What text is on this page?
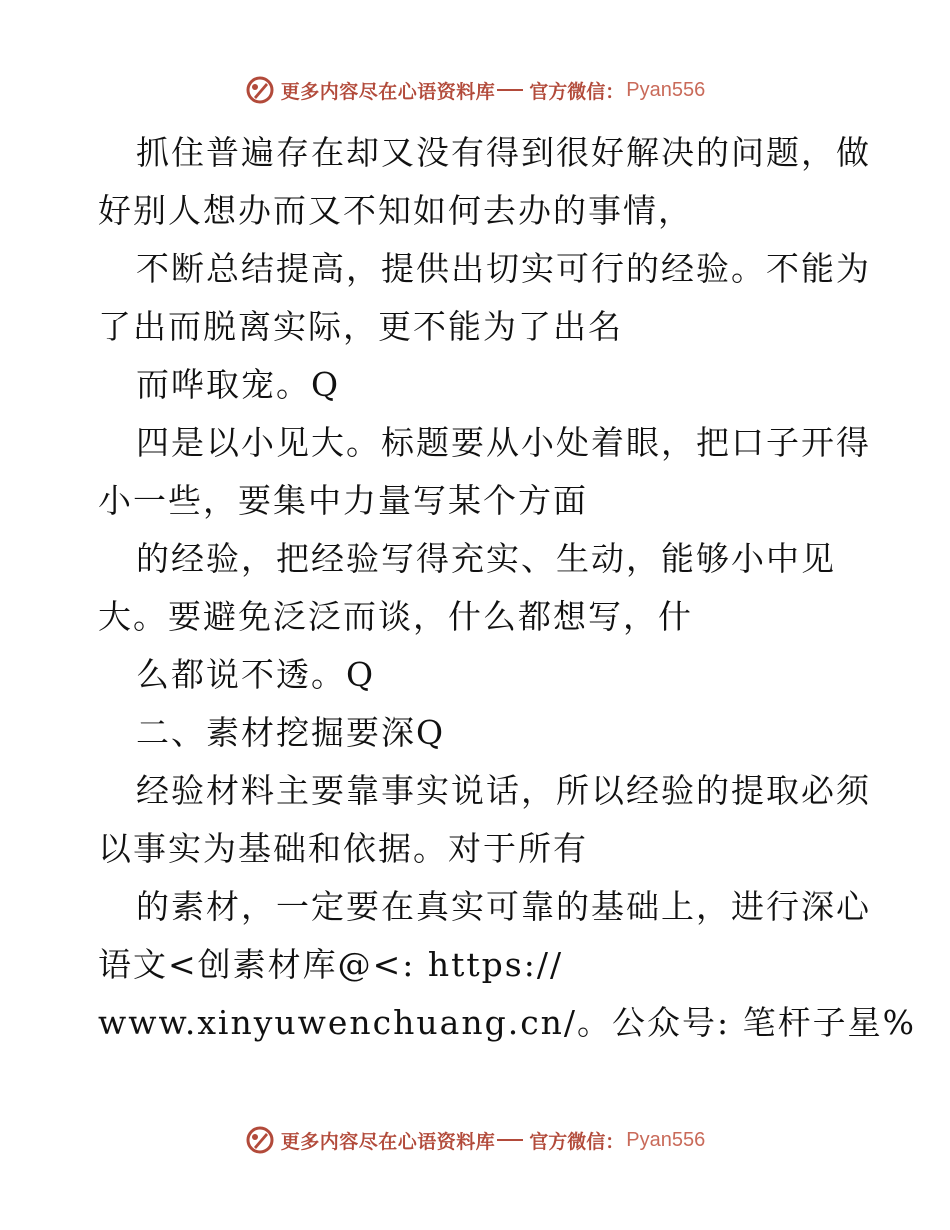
更多内容尽在心语资料库 官方微信： Pyan556
抓住普遍存在却又没有得到很好解决的问题，做
好别人想办而又不知如何去办的事情，
不断总结提高，提供出切实可行的经验。不能为
了出而脱离实际，更不能为了出名
而哗取宠。Q
四是以小见大。标题要从小处着眼，把口子开得
小一些，要集中力量写某个方面
的经验，把经验写得充实、生动，能够小中见
大。要避免泛泛而谈，什么都想写，什
么都说不透。Q
二、素材挖掘要深Q
经验材料主要靠事实说话，所以经验的提取必须
以事实为基础和依据。对于所有
的素材，一定要在真实可靠的基础上，进行深心
语文<创素材库@<: https://
www.xinyuwenchuang.cn/。公众号: 笔杆子星%
更多内容尽在心语资料库 官方微信： Pyan556
